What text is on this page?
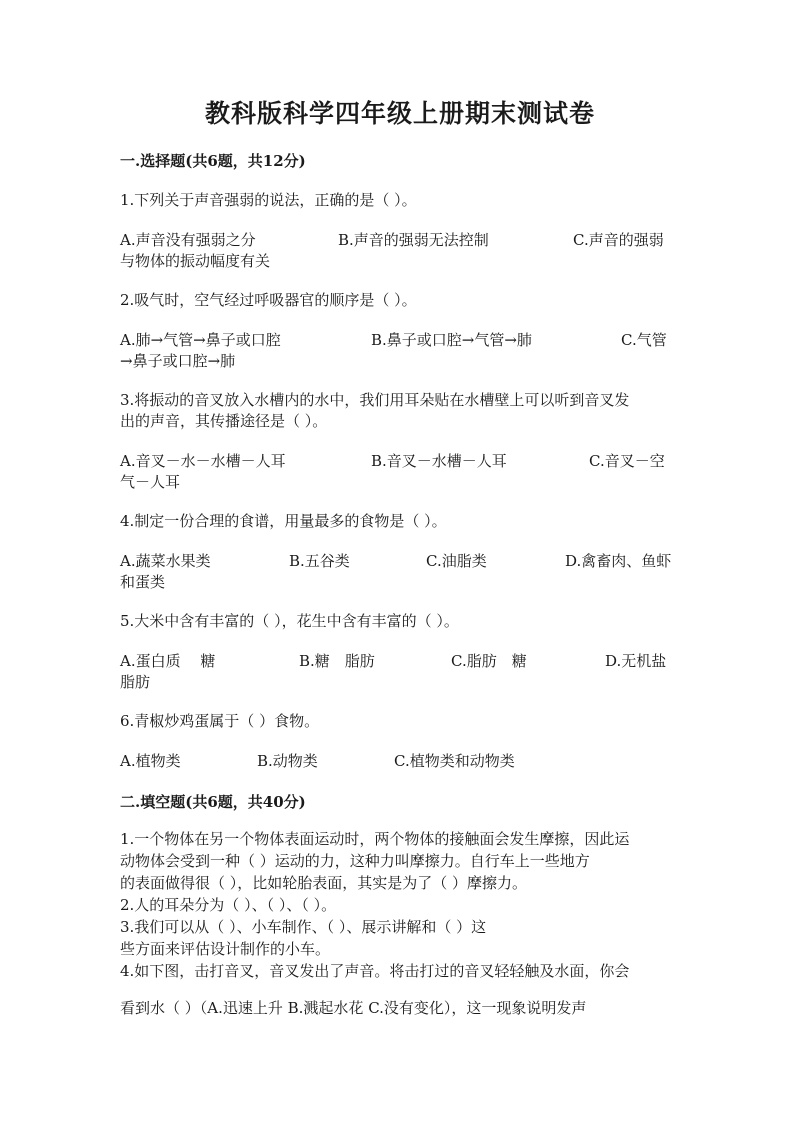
教科版科学四年级上册期末测试卷
一.选择题(共6题，共12分)
1.下列关于声音强弱的说法，正确的是（ ）。
A.声音没有强弱之分	B.声音的强弱无法控制	C.声音的强弱
与物体的振动幅度有关
2.吸气时，空气经过呼吸器官的顺序是（ ）。
A.肺→气管→鼻子或口腔	B.鼻子或口腔→气管→肺	C.气管
→鼻子或口腔→肺
3.将振动的音叉放入水槽内的水中，我们用耳朵贴在水槽壁上可以听到音叉发
出的声音，其传播途径是（ ）。
A.音叉－水－水槽－人耳	B.音叉－水槽－人耳	C.音叉－空
气－人耳
4.制定一份合理的食谱，用量最多的食物是（ ）。
A.蔬菜水果类	B.五谷类	C.油脂类	D.禽畜肉、鱼虾
和蛋类
5.大米中含有丰富的（ ），花生中含有丰富的（ ）。
A.蛋白质　 糖	B.糖　脂肪	C.脂肪　糖	D.无机盐
脂肪
6.青椒炒鸡蛋属于（ ）食物。
A.植物类	B.动物类	C.植物类和动物类
二.填空题(共6题，共40分)
1.一个物体在另一个物体表面运动时，两个物体的接触面会发生摩擦，因此运
动物体会受到一种（ ）运动的力，这种力叫摩擦力。自行车上一些地方
的表面做得很（ ），比如轮胎表面，其实是为了（ ）摩擦力。
2.人的耳朵分为（ ）、（ ）、（ ）。
3.我们可以从（ ）、小车制作、（ ）、展示讲解和（ ）这
些方面来评估设计制作的小车。
4.如下图，击打音叉，音叉发出了声音。将击打过的音叉轻轻触及水面，你会
看到水（ ）（A.迅速上升 B.溅起水花 C.没有变化），这一现象说明发声
